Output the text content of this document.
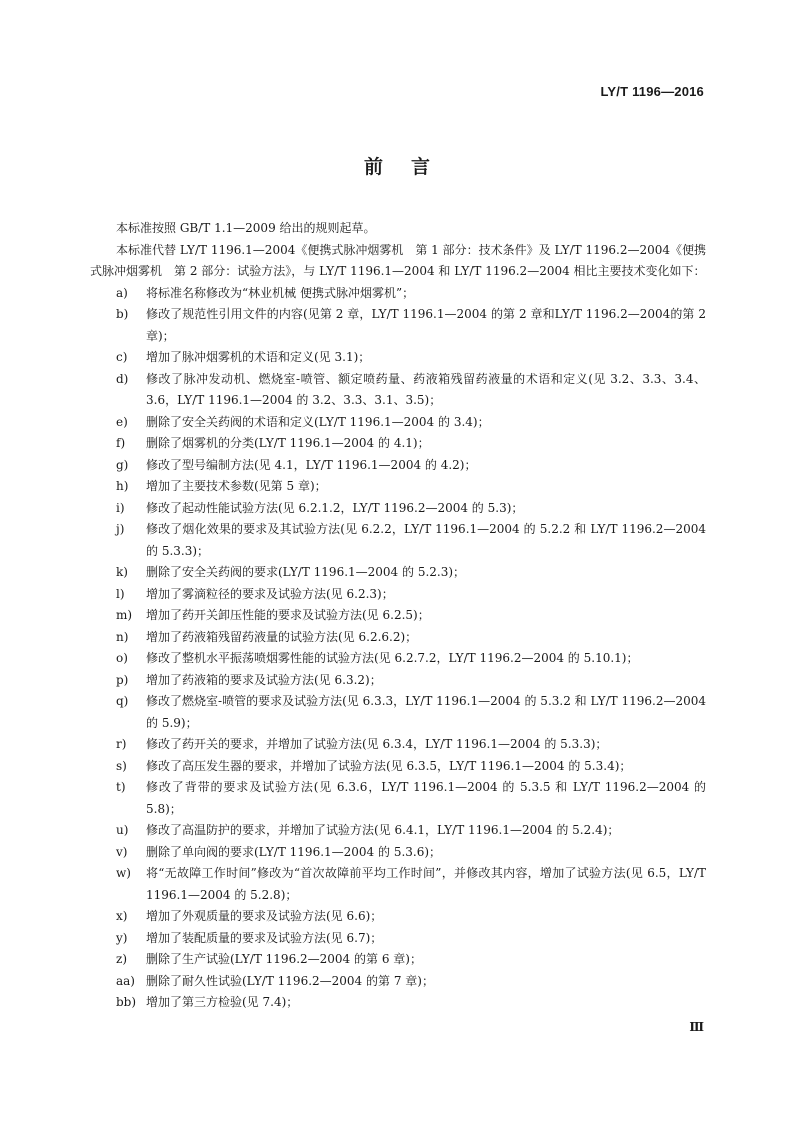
LY/T 1196—2016
前言

本标准按照 GB/T 1.1—2009 给出的规则起草。

本标准代替 LY/T 1196.1—2004《便携式脉冲烟雾机　第 1 部分：技术条件》及 LY/T 1196.2—2004《便携式脉冲烟雾机　第 2 部分：试验方法》，与 LY/T 1196.1—2004 和 LY/T 1196.2—2004 相比主要技术变化如下：

a)	将标准名称修改为“林业机械 便携式脉冲烟雾机”；
b)	修改了规范性引用文件的内容(见第 2 章，LY/T 1196.1—2004 的第 2 章和LY/T 1196.2—2004的第 2 章)；
c)	增加了脉冲烟雾机的术语和定义(见 3.1)；
d)	修改了脉冲发动机、燃烧室-喷管、额定喷药量、药液箱残留药液量的术语和定义(见 3.2、3.3、3.4、3.6，LY/T 1196.1—2004 的 3.2、3.3、3.1、3.5)；
e)	删除了安全关药阀的术语和定义(LY/T 1196.1—2004 的 3.4)；
f)	删除了烟雾机的分类(LY/T 1196.1—2004 的 4.1)；
g)	修改了型号编制方法(见 4.1，LY/T 1196.1—2004 的 4.2)；
h)	增加了主要技术参数(见第 5 章)；
i)	修改了起动性能试验方法(见 6.2.1.2，LY/T 1196.2—2004 的 5.3)；
j)	修改了烟化效果的要求及其试验方法(见 6.2.2，LY/T 1196.1—2004 的 5.2.2 和 LY/T 1196.2—2004的 5.3.3)；
k)	删除了安全关药阀的要求(LY/T 1196.1—2004 的 5.2.3)；
l)	增加了雾滴粒径的要求及试验方法(见 6.2.3)；
m)	增加了药开关卸压性能的要求及试验方法(见 6.2.5)；
n)	增加了药液箱残留药液量的试验方法(见 6.2.6.2)；
o)	修改了整机水平振荡喷烟雾性能的试验方法(见 6.2.7.2，LY/T 1196.2—2004 的 5.10.1)；
p)	增加了药液箱的要求及试验方法(见 6.3.2)；
q)	修改了燃烧室-喷管的要求及试验方法(见 6.3.3，LY/T 1196.1—2004 的 5.3.2 和 LY/T 1196.2—2004的 5.9)；
r)	修改了药开关的要求，并增加了试验方法(见 6.3.4，LY/T 1196.1—2004 的 5.3.3)；
s)	修改了高压发生器的要求，并增加了试验方法(见 6.3.5，LY/T 1196.1—2004 的 5.3.4)；
t)	修改了背带的要求及试验方法(见 6.3.6，LY/T 1196.1—2004 的 5.3.5 和 LY/T 1196.2—2004 的 5.8)；
u)	修改了高温防护的要求，并增加了试验方法(见 6.4.1，LY/T 1196.1—2004 的 5.2.4)；
v)	删除了单向阀的要求(LY/T 1196.1—2004 的 5.3.6)；
w)	将“无故障工作时间”修改为“首次故障前平均工作时间”，并修改其内容，增加了试验方法(见 6.5，LY/T 1196.1—2004 的 5.2.8)；
x)	增加了外观质量的要求及试验方法(见 6.6)；
y)	增加了装配质量的要求及试验方法(见 6.7)；
z)	删除了生产试验(LY/T 1196.2—2004 的第 6 章)；
aa) 删除了耐久性试验(LY/T 1196.2—2004 的第 7 章)；
bb) 增加了第三方检验(见 7.4)；
Ⅲ
